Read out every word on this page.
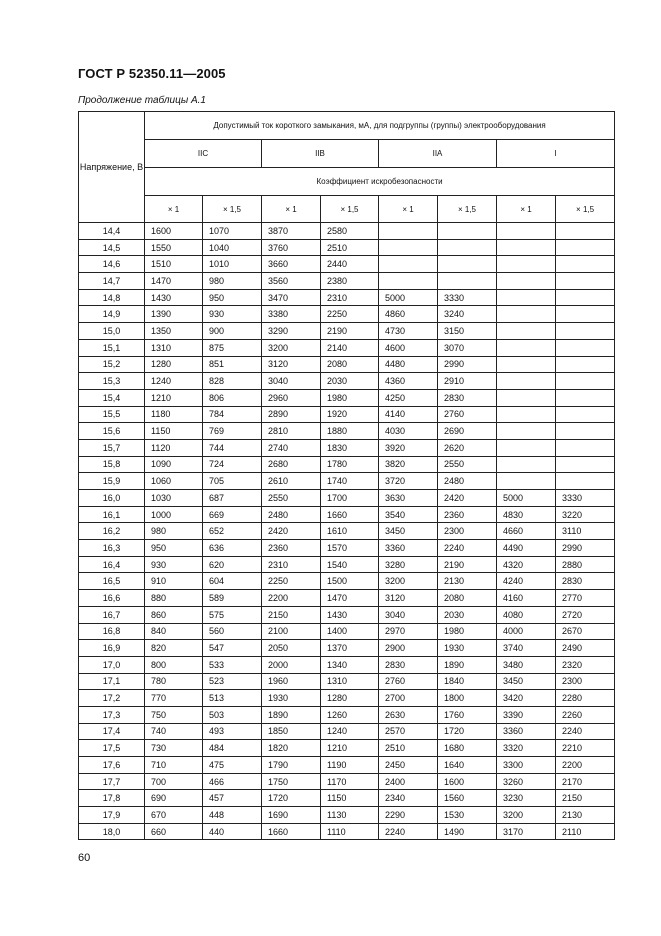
ГОСТ Р 52350.11—2005
Продолжение таблицы А.1
Напряжение, В	Допустимый ток короткого замыкания, мА, для подгруппы (группы) электрооборудования							
	IIC		IIB		IIA		I	
	Коэффициент искробезопасности							
	× 1	× 1,5	× 1	× 1,5	× 1	× 1,5	× 1	× 1,5
14,4	1600	1070	3870	2580				
14,5	1550	1040	3760	2510				
14,6	1510	1010	3660	2440				
14,7	1470	980	3560	2380				
14,8	1430	950	3470	2310	5000	3330		
14,9	1390	930	3380	2250	4860	3240		
15,0	1350	900	3290	2190	4730	3150		
15,1	1310	875	3200	2140	4600	3070		
15,2	1280	851	3120	2080	4480	2990		
15,3	1240	828	3040	2030	4360	2910		
15,4	1210	806	2960	1980	4250	2830		
15,5	1180	784	2890	1920	4140	2760		
15,6	1150	769	2810	1880	4030	2690		
15,7	1120	744	2740	1830	3920	2620		
15,8	1090	724	2680	1780	3820	2550		
15,9	1060	705	2610	1740	3720	2480		
16,0	1030	687	2550	1700	3630	2420	5000	3330
16,1	1000	669	2480	1660	3540	2360	4830	3220
16,2	980	652	2420	1610	3450	2300	4660	3110
16,3	950	636	2360	1570	3360	2240	4490	2990
16,4	930	620	2310	1540	3280	2190	4320	2880
16,5	910	604	2250	1500	3200	2130	4240	2830
16,6	880	589	2200	1470	3120	2080	4160	2770
16,7	860	575	2150	1430	3040	2030	4080	2720
16,8	840	560	2100	1400	2970	1980	4000	2670
16,9	820	547	2050	1370	2900	1930	3740	2490
17,0	800	533	2000	1340	2830	1890	3480	2320
17,1	780	523	1960	1310	2760	1840	3450	2300
17,2	770	513	1930	1280	2700	1800	3420	2280
17,3	750	503	1890	1260	2630	1760	3390	2260
17,4	740	493	1850	1240	2570	1720	3360	2240
17,5	730	484	1820	1210	2510	1680	3320	2210
17,6	710	475	1790	1190	2450	1640	3300	2200
17,7	700	466	1750	1170	2400	1600	3260	2170
17,8	690	457	1720	1150	2340	1560	3230	2150
17,9	670	448	1690	1130	2290	1530	3200	2130
18,0	660	440	1660	1110	2240	1490	3170	2110
60
